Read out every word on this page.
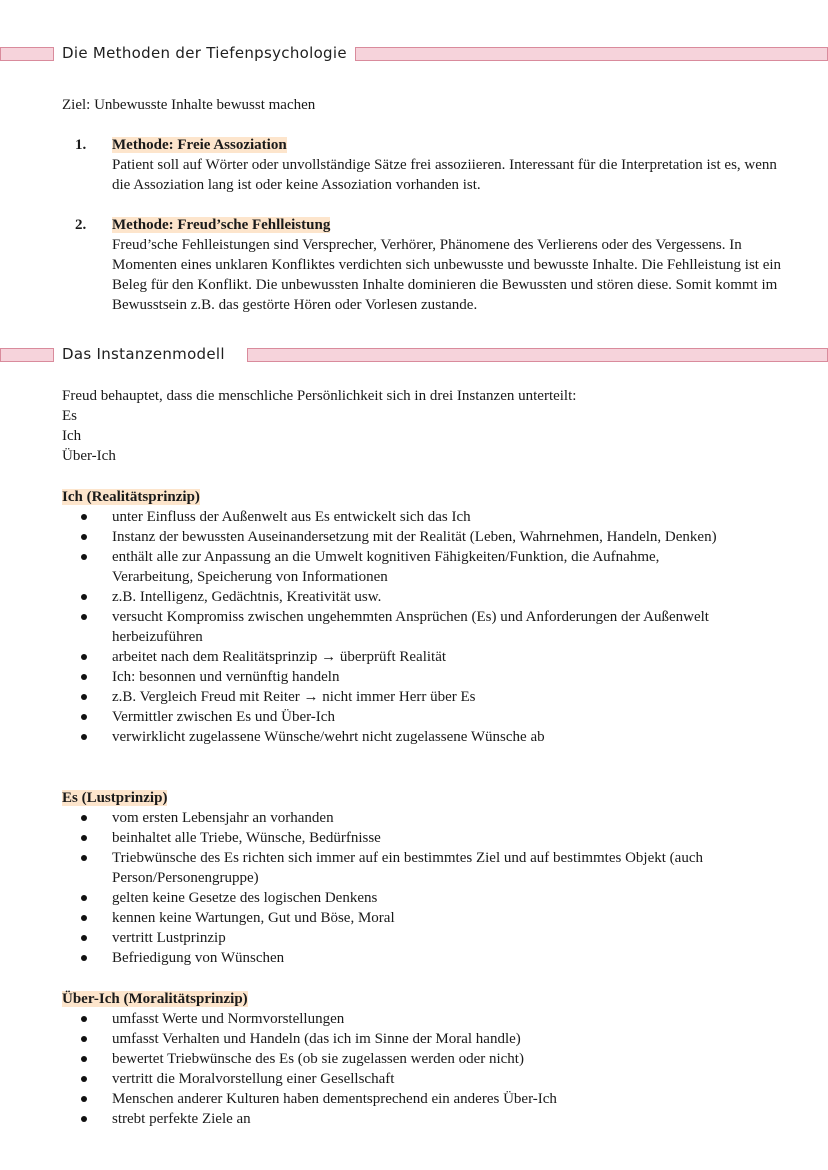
Die Methoden der Tiefenpsychologie
Ziel: Unbewusste Inhalte bewusst machen
1. Methode: Freie Assoziation
Patient soll auf Wörter oder unvollständige Sätze frei assoziieren. Interessant für die Interpretation ist es, wenn die Assoziation lang ist oder keine Assoziation vorhanden ist.
2. Methode: Freud’sche Fehlleistung
Freud’sche Fehlleistungen sind Versprecher, Verhörer, Phänomene des Verlierens oder des Vergessens. In Momenten eines unklaren Konfliktes verdichten sich unbewusste und bewusste Inhalte. Die Fehlleistung ist ein Beleg für den Konflikt. Die unbewussten Inhalte dominieren die Bewussten und stören diese. Somit kommt im Bewusstsein z.B. das gestörte Hören oder Vorlesen zustande.
Das Instanzenmodell

Freud behauptet, dass die menschliche Persönlichkeit sich in drei Instanzen unterteilt:

Es
Ich
Über-Ich
Ich (Realitätsprinzip)
unter Einfluss der Außenwelt aus Es entwickelt sich das Ich
Instanz der bewussten Auseinandersetzung mit der Realität (Leben, Wahrnehmen, Handeln, Denken)
enthält alle zur Anpassung an die Umwelt kognitiven Fähigkeiten/Funktion, die Aufnahme, Verarbeitung, Speicherung von Informationen
z.B. Intelligenz, Gedächtnis, Kreativität usw.
versucht Kompromiss zwischen ungehemmten Ansprüchen (Es) und Anforderungen der Außenwelt herbeizuführen
arbeitet nach dem Realitätsprinzip → überprüft Realität
Ich: besonnen und vernünftig handeln
z.B. Vergleich Freud mit Reiter → nicht immer Herr über Es
Vermittler zwischen Es und Über-Ich
verwirklicht zugelassene Wünsche/wehrt nicht zugelassene Wünsche ab
Es (Lustprinzip)
vom ersten Lebensjahr an vorhanden
beinhaltet alle Triebe, Wünsche, Bedürfnisse
Triebwünsche des Es richten sich immer auf ein bestimmtes Ziel und auf bestimmtes Objekt (auch Person/Personengruppe)
gelten keine Gesetze des logischen Denkens
kennen keine Wartungen, Gut und Böse, Moral
vertritt Lustprinzip
Befriedigung von Wünschen
Über-Ich (Moralitätsprinzip)
umfasst Werte und Normvorstellungen
umfasst Verhalten und Handeln (das ich im Sinne der Moral handle)
bewertet Triebwünsche des Es (ob sie zugelassen werden oder nicht)
vertritt die Moralvorstellung einer Gesellschaft
Menschen anderer Kulturen haben dementsprechend ein anderes Über-Ich
strebt perfekte Ziele an
